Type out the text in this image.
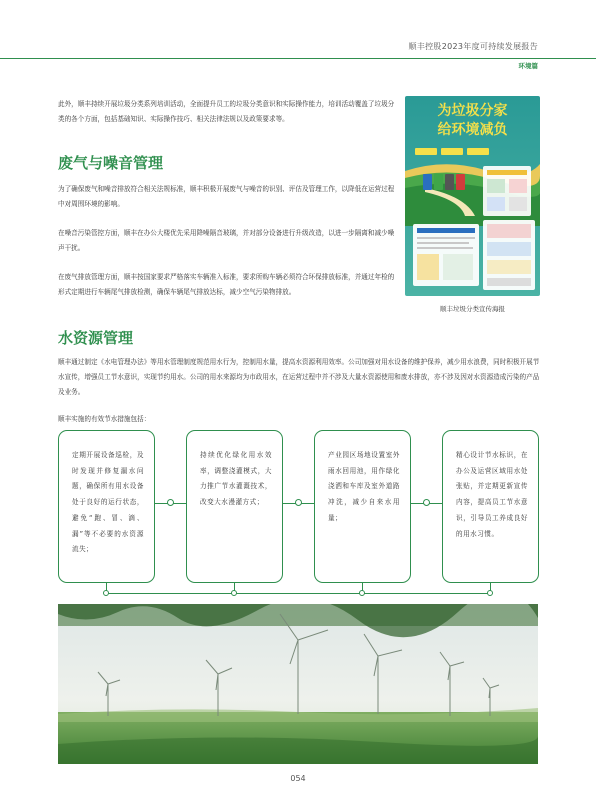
顺丰控股2023年度可持续发展报告
环境篇
此外，顺丰持续开展垃圾分类系列培训活动，全面提升员工的垃圾分类意识和实际操作能力，培训活动覆盖了垃圾分类的各个方面，包括基础知识、实际操作技巧、相关法律法规以及政策要求等。
废气与噪音管理
为了确保废气和噪音排放符合相关法规标准，顺丰积极开展废气与噪音的识别、评估及管理工作，以降低在运营过程中对周围环境的影响。
在噪音污染管控方面，顺丰在办公大楼优先采用降噪隔音玻璃，并对部分设备进行升级改造，以进一步隔离和减少噪声干扰。
在废气排放管理方面，顺丰按国家要求严格落实车辆准入标准，要求所购车辆必须符合环保排放标准，并通过年检的形式定期进行车辆尾气排放检测，确保车辆尾气排放达标，减少空气污染物排放。
为垃圾分家
给环境减负
顺丰垃圾分类宣传海报
水资源管理
顺丰通过制定《水电管理办法》等用水管理制度规范用水行为，控制用水量，提高水资源利用效率。公司加强对用水设备的维护保养，减少用水浪费，同时积极开展节水宣传，增强员工节水意识，实现节约用水。公司的用水来源均为市政用水，在运营过程中并不涉及大量水资源使用和废水排放，亦不涉及因对水资源造成污染的产品及业务。
顺丰实施的有效节水措施包括：
定期开展设备巡检，及时发现并修复漏水问题，确保所有用水设备处于良好的运行状态，避免“跑、冒、滴、漏”等不必要的水资源流失；
持续优化绿化用水效率，调整浇灌模式，大力推广节水灌溉技术，改变大水漫灌方式；
产业园区场地设置室外雨水回用池，用作绿化浇洒和车库及室外道路冲洗，减少自来水用量；
精心设计节水标识，在办公及运营区域用水处张贴，并定期更新宣传内容，提高员工节水意识，引导员工养成良好的用水习惯。
054
